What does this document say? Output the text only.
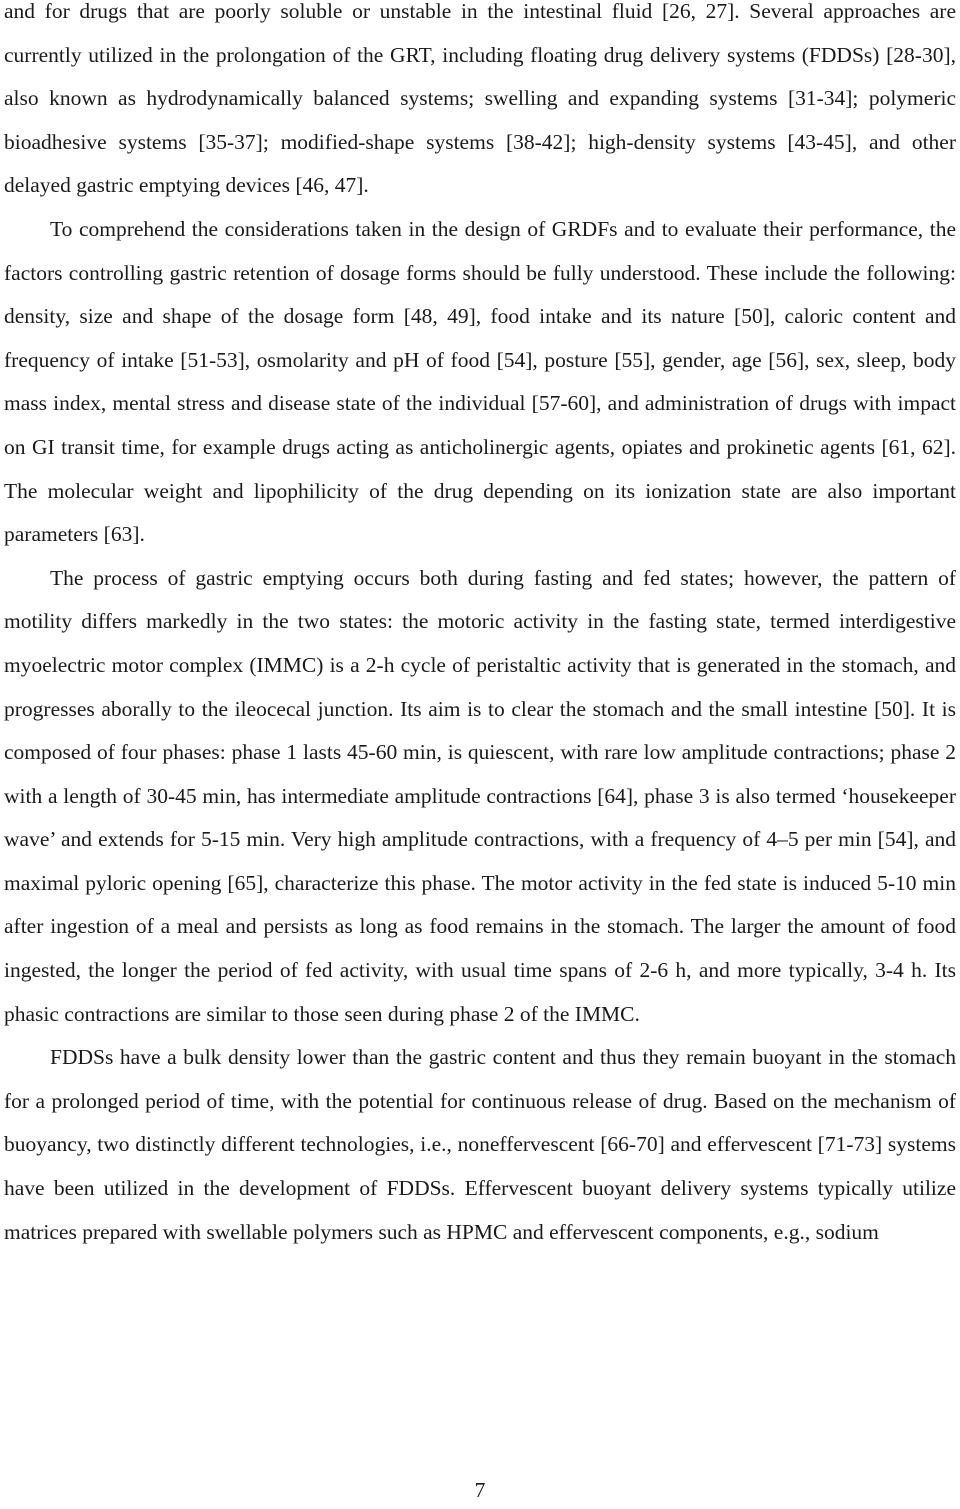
and for drugs that are poorly soluble or unstable in the intestinal fluid [26, 27]. Several approaches are currently utilized in the prolongation of the GRT, including floating drug delivery systems (FDDSs) [28-30], also known as hydrodynamically balanced systems; swelling and expanding systems [31-34]; polymeric bioadhesive systems [35-37]; modified-shape systems [38-42]; high-density systems [43-45], and other delayed gastric emptying devices [46, 47].

To comprehend the considerations taken in the design of GRDFs and to evaluate their performance, the factors controlling gastric retention of dosage forms should be fully understood. These include the following: density, size and shape of the dosage form [48, 49], food intake and its nature [50], caloric content and frequency of intake [51-53], osmolarity and pH of food [54], posture [55], gender, age [56], sex, sleep, body mass index, mental stress and disease state of the individual [57-60], and administration of drugs with impact on GI transit time, for example drugs acting as anticholinergic agents, opiates and prokinetic agents [61, 62]. The molecular weight and lipophilicity of the drug depending on its ionization state are also important parameters [63].

The process of gastric emptying occurs both during fasting and fed states; however, the pattern of motility differs markedly in the two states: the motoric activity in the fasting state, termed interdigestive myoelectric motor complex (IMMC) is a 2-h cycle of peristaltic activity that is generated in the stomach, and progresses aborally to the ileocecal junction. Its aim is to clear the stomach and the small intestine [50]. It is composed of four phases: phase 1 lasts 45-60 min, is quiescent, with rare low amplitude contractions; phase 2 with a length of 30-45 min, has intermediate amplitude contractions [64], phase 3 is also termed ‘housekeeper wave’ and extends for 5-15 min. Very high amplitude contractions, with a frequency of 4–5 per min [54], and maximal pyloric opening [65], characterize this phase. The motor activity in the fed state is induced 5-10 min after ingestion of a meal and persists as long as food remains in the stomach. The larger the amount of food ingested, the longer the period of fed activity, with usual time spans of 2-6 h, and more typically, 3-4 h. Its phasic contractions are similar to those seen during phase 2 of the IMMC.

FDDSs have a bulk density lower than the gastric content and thus they remain buoyant in the stomach for a prolonged period of time, with the potential for continuous release of drug. Based on the mechanism of buoyancy, two distinctly different technologies, i.e., noneffervescent [66-70] and effervescent [71-73] systems have been utilized in the development of FDDSs. Effervescent buoyant delivery systems typically utilize matrices prepared with swellable polymers such as HPMC and effervescent components, e.g., sodium

7
